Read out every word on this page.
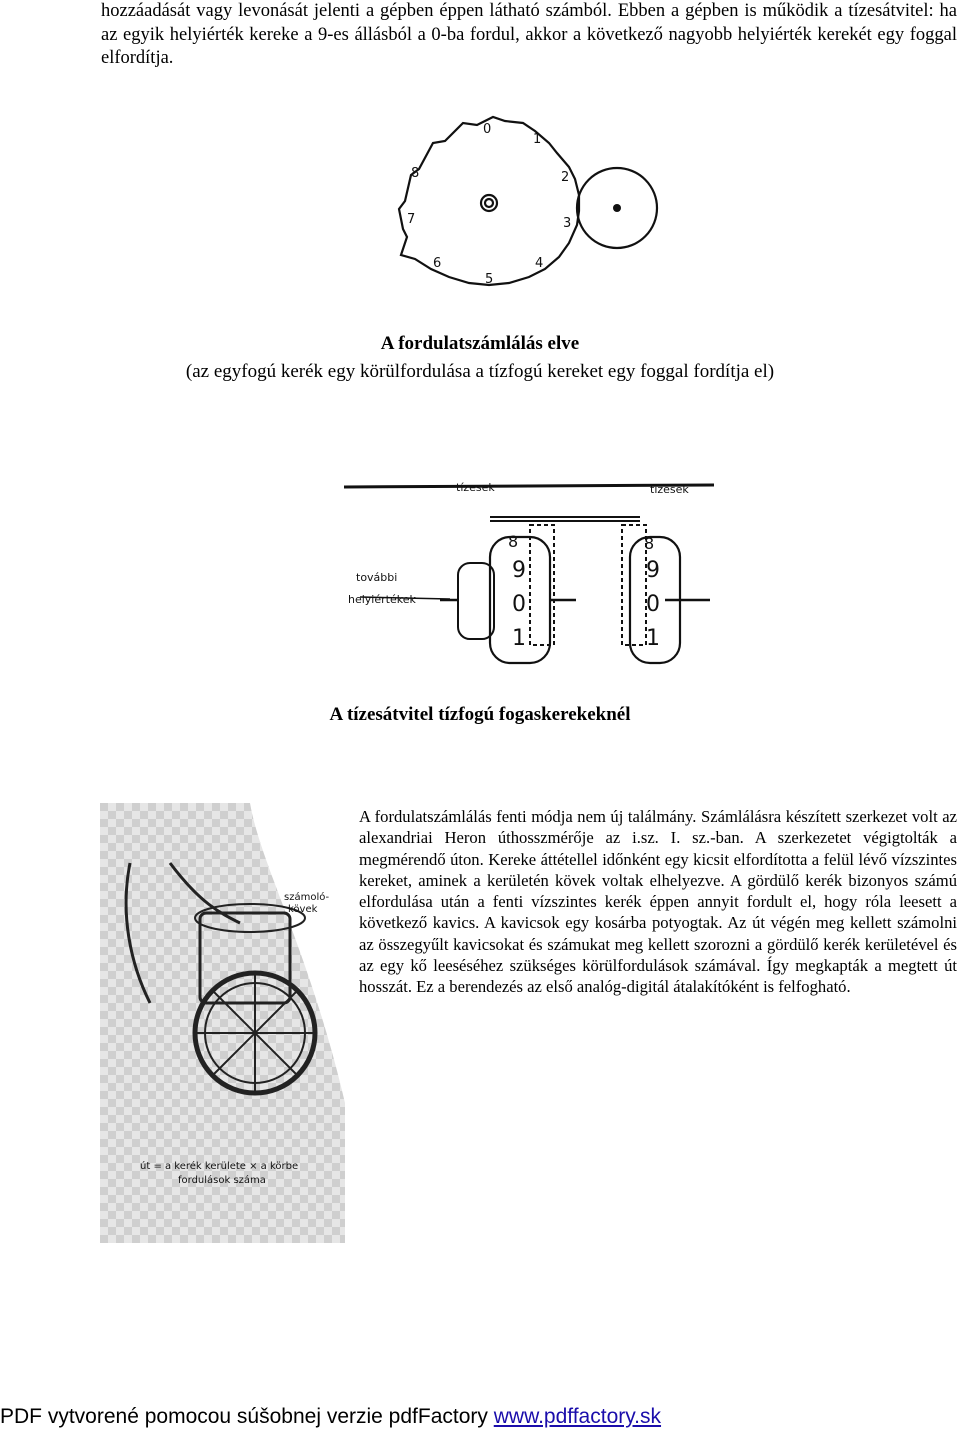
hozzáadását vagy levonását jelenti a gépben éppen látható számból. Ebben a gépben is működik a tízesátvitel: ha az egyik helyiérték kereke a 9-es állásból a 0-ba fordul, akkor a következő nagyobb helyiérték kerekét egy foggal elfordítja.

0
1
2
3
4
5
6
7
8
A fordulatszámlálás elve
(az egyfogú kerék egy körülfordulása a tízfogú kereket egy foggal fordítja el)
tízesek	tízesek
további
helyiértékek
9
0
1
8
9
0
1
8
A tízesátvitel tízfogú fogaskerekeknél
számoló- kövek
út = a kerék kerülete × a körbe
fordulások száma

A fordulatszámlálás fenti módja nem új találmány. Számlálásra készített szerkezet volt az alexandriai Heron úthosszmérője az i.sz. I. sz.-ban. A szerkezetet végigtolták a megmérendő úton. Kereke áttétellel időnként egy kicsit elfordította a felül lévő vízszintes kereket, aminek a kerületén kövek voltak elhelyezve. A gördülő kerék bizonyos számú elfordulása után a fenti vízszintes kerék éppen annyit fordult el, hogy róla leesett a következő kavics. A kavicsok egy kosárba potyogtak. Az út végén meg kellett számolni az összegyűlt kavicsokat és számukat meg kellett szorozni a gördülő kerék kerületével és az egy kő leeséséhez szükséges körülfordulások számával. Így megkapták a megtett út hosszát. Ez a berendezés az első analóg-digitál átalakítóként is felfogható.

PDF vytvorené pomocou súšobnej verzie pdfFactory www.pdffactory.sk
